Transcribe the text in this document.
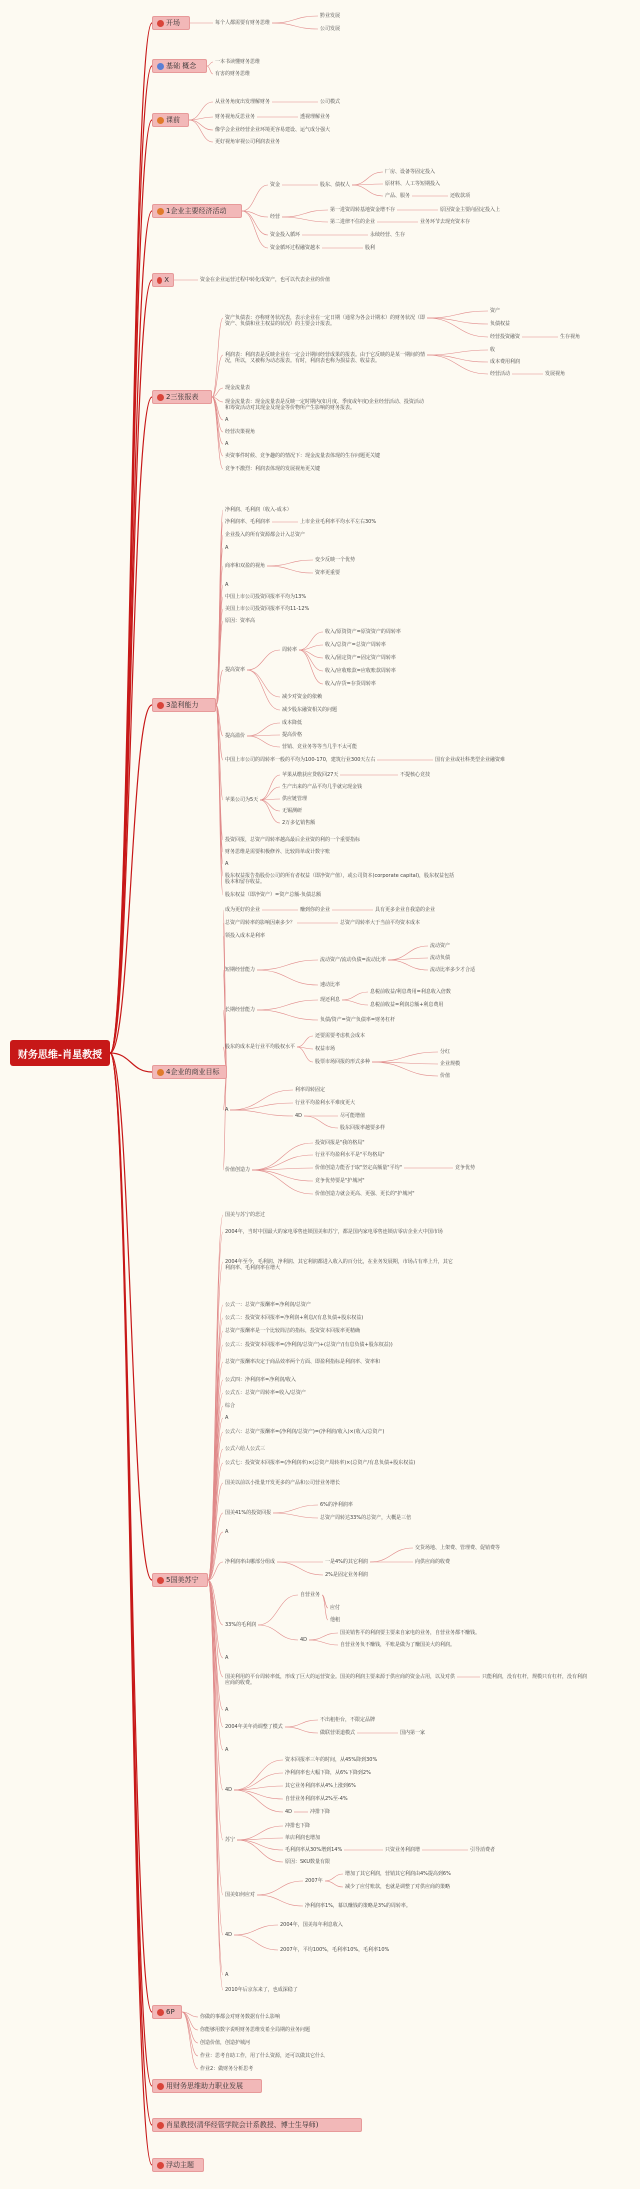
财务思维-肖星教授
开场
基础 概念
课前
1企业主要经济活动
X
2三张报表
3盈利能力
4企业的商业目标
5国美苏宁
6P
用财务思维助力职业发展
肖星教授(清华经管学院会计系教授、博士生导师)
浮动主题
每个人都需要有财务思维
黔业发展
公司发展
一本书读懂财务思维
有害的财务思维
从业务角度出发理解财务	公司模式
财务视角反思业务	透视理解业务
像学会企业经营企业环境更容易建设、运气成分强大
更好视角审视公司利润表业务
资金	股东、债权人
厂房、设备等固定投入
原材料、人工等短期投入
产品、服务	还收款项
经营
第一进资周转基地资金增不存	原因资金主要向固定投入上
第二进律不住的企业	业务环节去现充资本存
资金投入循环	永续经营、生存
资金循环过程融资越本	股利
资金在企业运营过程中转化成资产，也可以代表企业的价值
资产负债表：亦称财务状况表，表示企业在一定日期（通常为各会计期末）的财务状况（即资产、负债和业主权益的状况）的主要会计报表。
资产
负债权益
经营投资融资	生存视角
利润表：利润表是反映企业在一定会计期间经营成果的报表。由于它反映的是某一期间的情况，所以，又被称为动态报表。有时，利润表也称为损益表、收益表。
收
成本费用利润
经营活动	发展视角
现金流量表
现金流量表：现金流量表是反映一定时期内(如月度、季度或年度)企业经营活动、投资活动和筹资活动对其现金及现金等价物所产生影响的财务报表。
A
经营决策视角
A
卖资事件时候、竞争趣的的情况下：现金流量表体现的生存问题更关键
竞争不激烈：利润表体现的发展视角更关键
净利润、毛利润（收入-成本）
净利润率、毛利润率	上市企业毛利率平均水平左右30%
企业投入的所有资源都会计入总资产
A
商率和双盈的视角
变少反映一个优势
资率更重要
A
中国上市公司投资回报率平均为13%
美国上市公司投资回报率平均11-12%
原因：资率高
提高资率
周转率
收入/原资资产=原资资产的周转率
收入/总资产=总资产周转率
收入/固定资产=固定资产周转率
收入/应收账款=应收账款周转率
收入/存货=存货周转率
减少对资金的依赖
减少股东融资相关的问题
提高溢价
成本降低
提高价格
营销、竞业务等等当几乎不太可能
中国上市公司的周转率一般的平均为100-170，建筑行业300天左右	国有企业或社科类型企业融资难
苹果公司为5天
苹果从缴获应贷收回27天	不提核心竞技
生产出来的产品平均几乎就完现金钱
供应链管理
无锡测研
2万多亿销售额
投资回报，总资产周转率越高最后企业资的利的一个重要指标
财务思维是需要积极修养、比较简单或计数字账
A
股东权益报告指股份公司的所有者权益（即净资产值），或公司资本(corporate capital)，股东权益包括股本和留存收益。
股东权益（即净资产）=资产总额-负债总额
成为更好的企业	赚到你的企业	具有更多企业自我造的企业
总资产周转率的影响因素多少？	总资产周转率大于当前平均资本成本
领投入成本是利率
短期经营能力
流动资产/流动负债=流动比率
流动资产
流动负债
流动比率多少才合适
速动比率
长期经营能力
现还利息
息税前收益/利息费用=利息收入倍数
息税前收益=利润总额+利息费用
负债/资产=资产负债率=财务杠杆
股东的成本是行业平均股权水平
还要需要考虑机会成本
权益市场
股票市场回报的形式多种
分红
企业规模
价值
A
利率周转固定
行业平均盈利水平难度更大
4D	尽可能增值
股东回报率越要多样
价值创造力
投资回报是"我的格局"
行业平均盈利水平是"平均格局"
价值创造力能否于取"坚定高额量"平均"	竞争优势
竞争优势要是"护城河"
价值创造力就会更高、更强、更长的"护城河"
国美与苏宁的悲过
2004年，当时中国最大的家电零售连锁国美和苏宁，都是国内家电零售连锁店零店企业大中国市场
2004年至今，毛利润、净利润、其它利润都进入收入的百分比，在业务发展期，市场占有率上升，其它利润率、毛利润率在增大
公式一：总资产报酬率=净利润/总资产
公式二：投资资本回报率=净利润+利息/(有息负债+股东权益)
总资产报酬率是一个比较简洁的指标，投资资本回报率更精确
公式三：投资资本回报率=(净利润/总资产)+(总资产/(有息负债+股东权益))
总资产报酬率决定于商品效率两个方面、即盈利指标是利润率、资率和
公式四：净利润率=净利润/收入
公式五：总资产周转率=收入/总资产
综合
A
公式六：总资产报酬率=(净利润/总资产)=(净利润/收入)×(收入/总资产)
公式六给人公式三
公式七：投资资本回报率=(净利润率)×(总资产周转率)×(总资产/有息负债+股东权益)
国美以前以小批量开发更多的产品和公司营业务增长
国美41%的投资回报
6%的净利润率
总资产周转达33%的总资产，大概是三倍
A
净利润率由哪部分组成	一是4%的其它利润
交货场地、上架费、管理费、促销费等
向供应商的收费
2%是固定业务利润
33%的毛利润
自营业务
应付
他租
4D
国美销售平的利润要主要来自家电的业务，自营业务都不赚钱。
自营业务负不赚钱，平账是做为了赚国美大的利润。
A
国美利用的平台周转率低，形成了巨大的运营资金。国美的利润主要来源于供应商的资金占用，以及对供应商的收费。
只能利润，没有杠杆，规模只有杠杆，没有利润
A
2004年美年尚调整了模式
不出租柜台，不限定品牌
做联营渠道模式	国内第一家
A
4D
资本回报率三年的时间，从45%降到30%
净利润率也大幅下降，从6%下降到2%
其它业务利润率从4%上涨到6%
自营业务利润率从2%至-4%
4D	冲排下降
苏宁
冲排也下降
单店利润也增加
毛利润率从30%增到14%	只资业务利润增	引导消费者
原因：SKU数量有限
国美如何应对
2007年
增加了其它利润，营销其它利润由4%提高到6%
减少了应付账款，也就是调整了对供应商的策略
净利润率1%，幕以赚钱的策略是3%的周转率。
4D
2004年，国美每年利息收入
2007年，平均100%，毛利率10%，毛利率10%
A
2010年后京东来了，也成深稳了
你做的事都会对财务数据有什么影响
你能够用数字说明财务思维发希全局期的业务问题
创造价值，创造护城河
作业：思考自助工作，用了什么资源，还可以做其它什么
作业2：做财务分析思考
